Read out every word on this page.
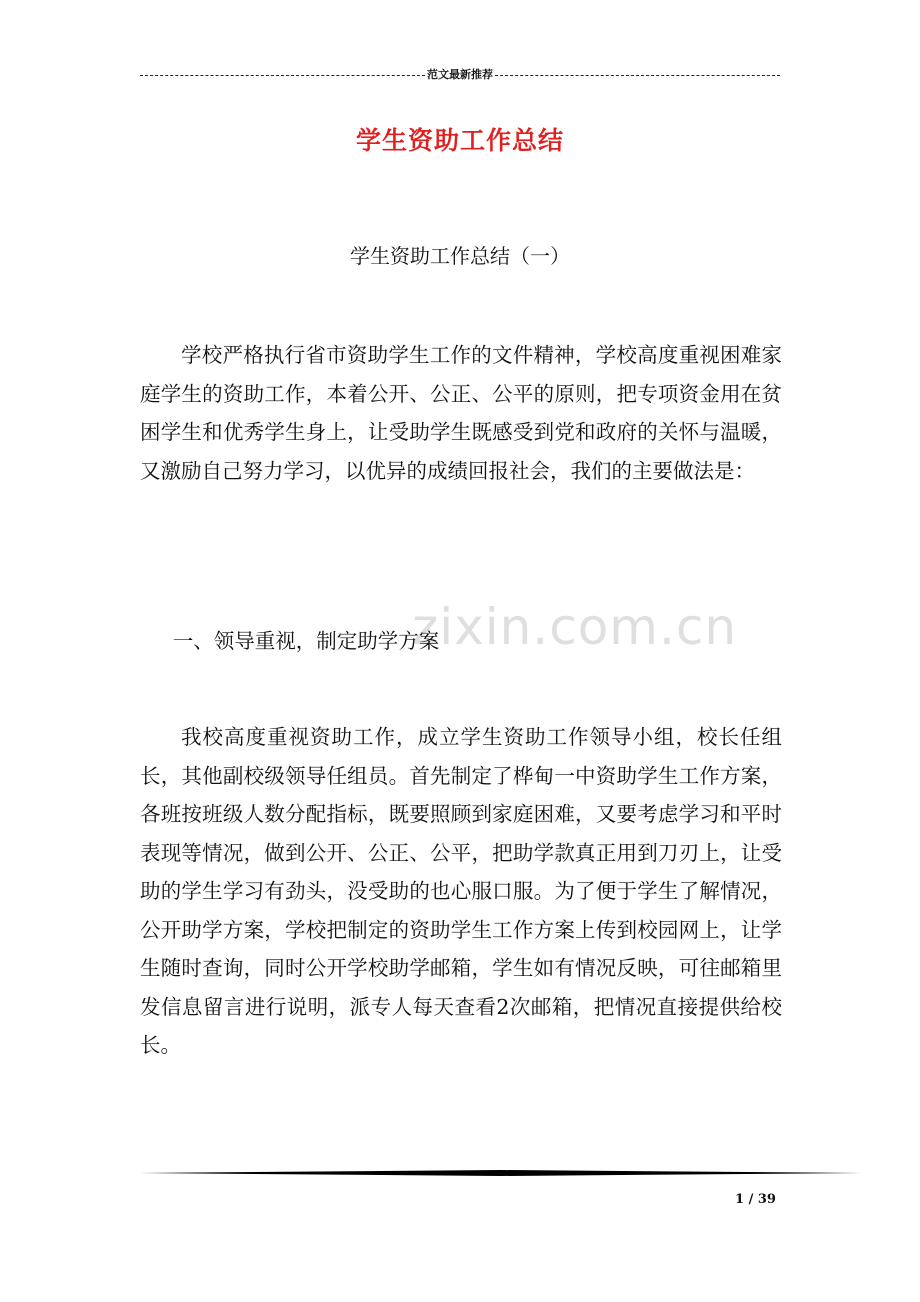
范文最新推荐
学生资助工作总结
学生资助工作总结（一）

学校严格执行省市资助学生工作的文件精神，学校高度重视困难家庭学生的资助工作，本着公开、公正、公平的原则，把专项资金用在贫困学生和优秀学生身上，让受助学生既感受到党和政府的关怀与温暖，又激励自己努力学习，以优异的成绩回报社会，我们的主要做法是：

zixin.com.cn
一、领导重视，制定助学方案

我校高度重视资助工作，成立学生资助工作领导小组，校长任组长，其他副校级领导任组员。首先制定了桦甸一中资助学生工作方案，各班按班级人数分配指标，既要照顾到家庭困难，又要考虑学习和平时表现等情况，做到公开、公正、公平，把助学款真正用到刀刃上，让受助的学生学习有劲头，没受助的也心服口服。为了便于学生了解情况，公开助学方案，学校把制定的资助学生工作方案上传到校园网上，让学生随时查询，同时公开学校助学邮箱，学生如有情况反映，可往邮箱里发信息留言进行说明，派专人每天查看2次邮箱，把情况直接提供给校长。

1 / 39
